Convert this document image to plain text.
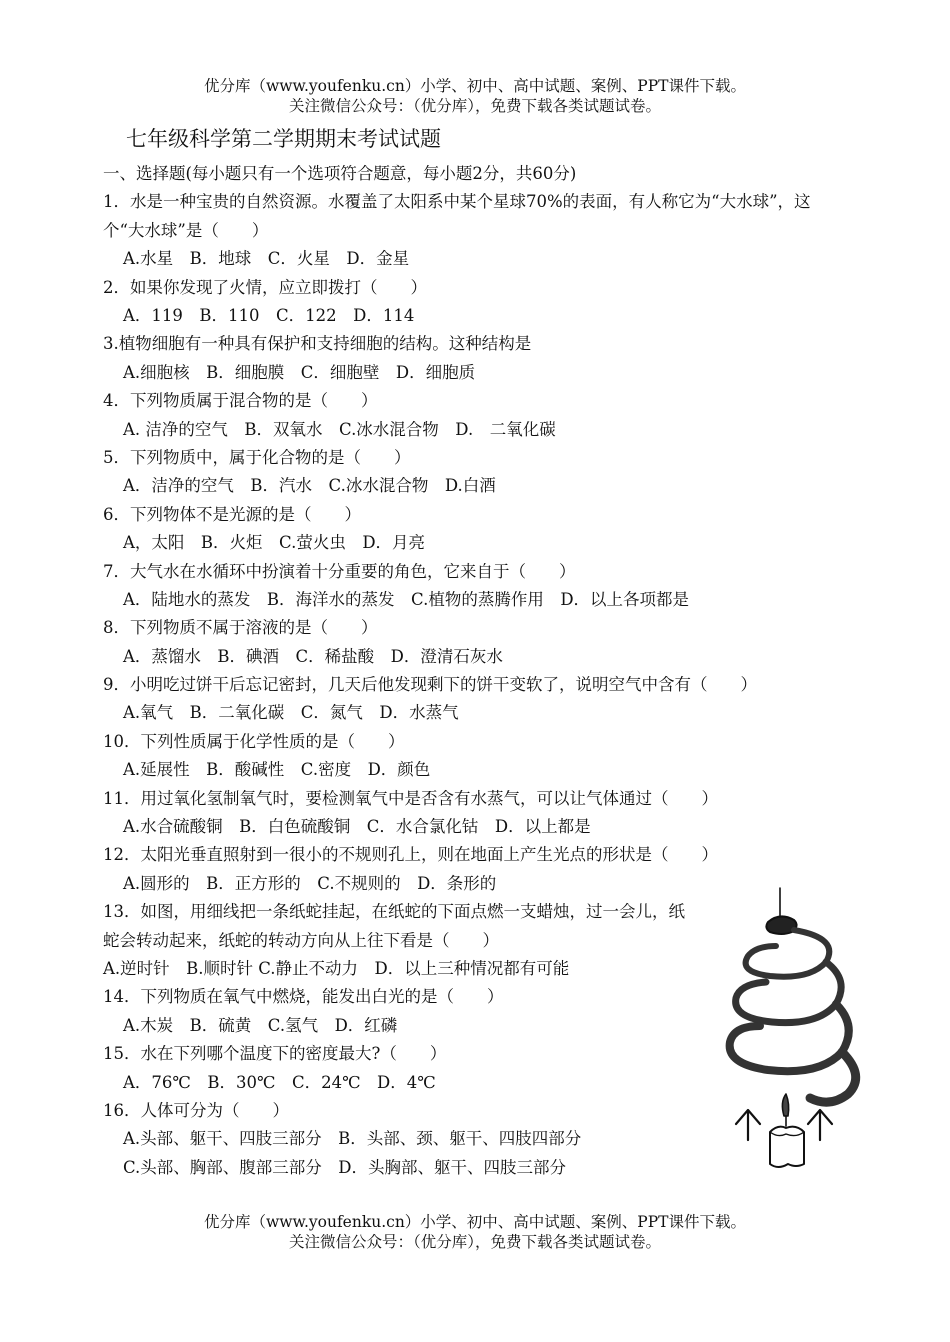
优分库（www.youfenku.cn）小学、初中、高中试题、案例、PPT课件下载。
关注微信公众号：（优分库），免费下载各类试题试卷。
七年级科学第二学期期末考试试题
一、选择题(每小题只有一个选项符合题意，每小题2分，共60分)
1．水是一种宝贵的自然资源。水覆盖了太阳系中某个星球70%的表面，有人称它为“大水球”，这个“大水球”是（　　）
A.水星　B．地球　C．火星　D．金星
2．如果你发现了火情，应立即拨打（　　）
A．119　B．110　C．122　D．114
3.植物细胞有一种具有保护和支持细胞的结构。这种结构是
A.细胞核　B．细胞膜　C．细胞壁　D．细胞质
4．下列物质属于混合物的是（　　）
A. 洁净的空气　B．双氧水　C.冰水混合物　D.　二氧化碳
5．下列物质中，属于化合物的是（　　）
A．洁净的空气　B．汽水　C.冰水混合物　D.白酒
6．下列物体不是光源的是（　　）
A，太阳　B．火炬　C.萤火虫　D．月亮
7．大气水在水循环中扮演着十分重要的角色，它来自于（　　）
A．陆地水的蒸发　B．海洋水的蒸发　C.植物的蒸腾作用　D．以上各项都是
8．下列物质不属于溶液的是（　　）
A．蒸馏水　B．碘酒　C．稀盐酸　D．澄清石灰水
9．小明吃过饼干后忘记密封，几天后他发现剩下的饼干变软了，说明空气中含有（　　）
A.氧气　B．二氧化碳　C．氮气　D．水蒸气
10．下列性质属于化学性质的是（　　）
A.延展性　B．酸碱性　C.密度　D．颜色
11．用过氧化氢制氧气时，要检测氧气中是否含有水蒸气，可以让气体通过（　　）
A.水合硫酸铜　B．白色硫酸铜　C．水合氯化钴　D．以上都是
12．太阳光垂直照射到一很小的不规则孔上，则在地面上产生光点的形状是（　　）
A.圆形的　B．正方形的　C.不规则的　D．条形的
13．如图，用细线把一条纸蛇挂起，在纸蛇的下面点燃一支蜡烛，过一会儿，纸蛇会转动起来，纸蛇的转动方向从上往下看是（　　）
A.逆时针　B.顺时针 C.静止不动力　D．以上三种情况都有可能
14．下列物质在氧气中燃烧，能发出白光的是（　　）
A.木炭　B．硫黄　C.氢气　D．红磷
15．水在下列哪个温度下的密度最大?（　　）
A．76℃　B．30℃　C．24℃　D．4℃
16．人体可分为（　　）
A.头部、躯干、四肢三部分　B．头部、颈、躯干、四肢四部分
C.头部、胸部、腹部三部分　D．头胸部、躯干、四肢三部分
优分库（www.youfenku.cn）小学、初中、高中试题、案例、PPT课件下载。
关注微信公众号：（优分库），免费下载各类试题试卷。
